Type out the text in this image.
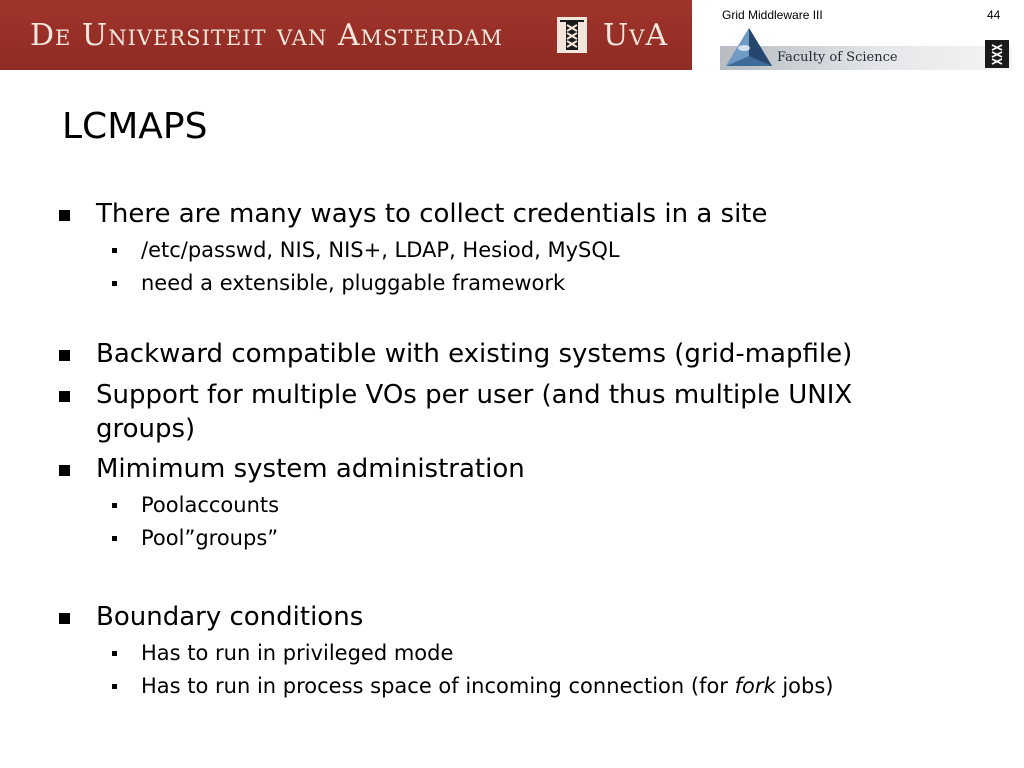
De Universiteit van Amsterdam	UvA
Grid Middleware III	44
Faculty of Science
LCMAPS
There are many ways to collect credentials in a site
/etc/passwd, NIS, NIS+, LDAP, Hesiod, MySQL
need a extensible, pluggable framework
Backward compatible with existing systems (grid-mapfile)
Support for multiple VOs per user (and thus multiple UNIX groups)
Mimimum system administration
Poolaccounts
Pool”groups”
Boundary conditions
Has to run in privileged mode
Has to run in process space of incoming connection (for fork jobs)
